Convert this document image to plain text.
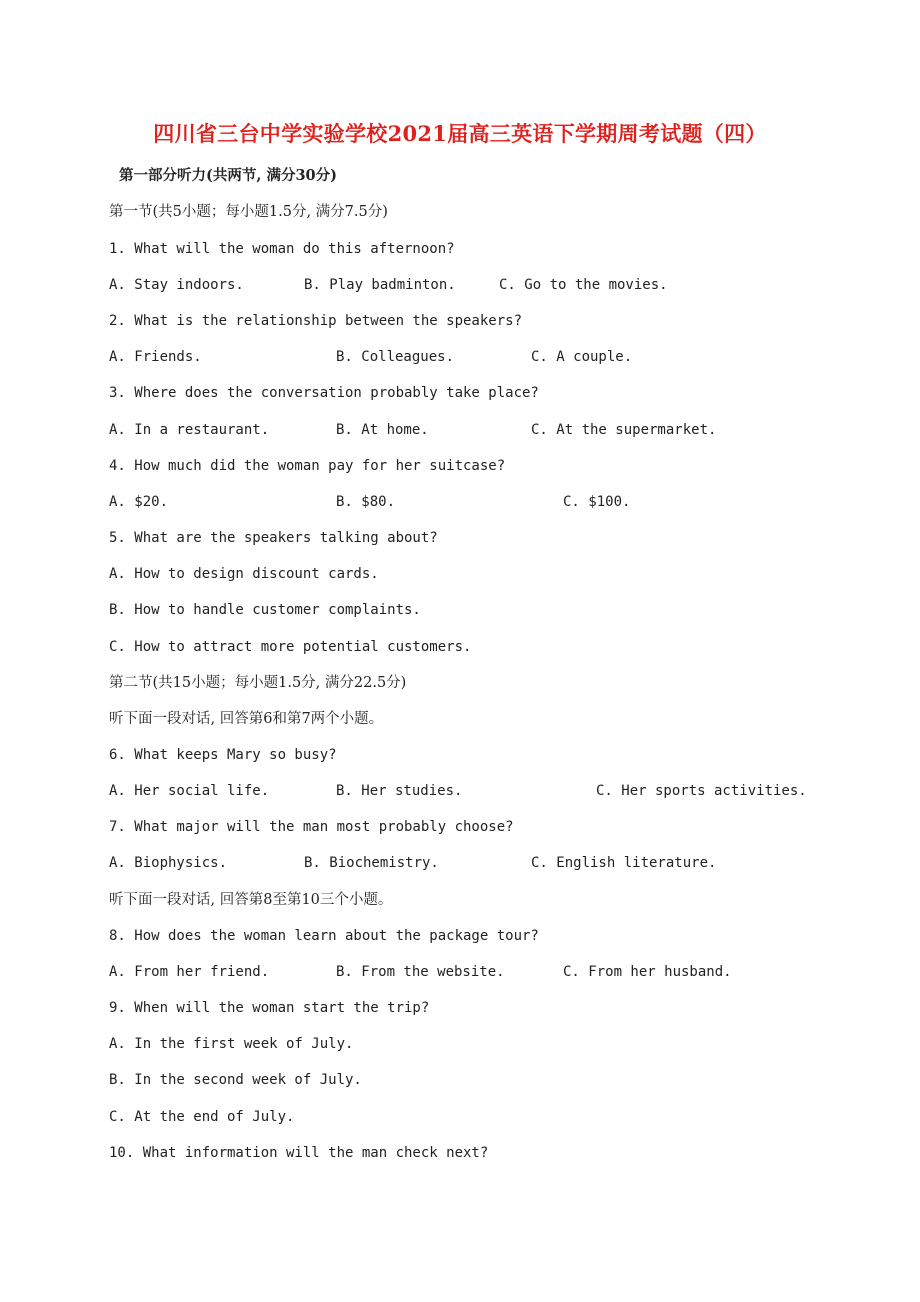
四川省三台中学实验学校2021届高三英语下学期周考试题（四）
第一部分听力(共两节, 满分30分)
第一节(共5小题；每小题1.5分, 满分7.5分)
1. What will the woman do this afternoon?
A. Stay indoors.	B. Play badminton.	C. Go to the movies.
2. What is the relationship between the speakers?
A. Friends.	B. Colleagues.	C. A couple.
3. Where does the conversation probably take place?
A. In a restaurant.	B. At home.	C. At the supermarket.
4. How much did the woman pay for her suitcase?
A. $20.	B. $80.	C. $100.
5. What are the speakers talking about?
A. How to design discount cards.
B. How to handle customer complaints.
C. How to attract more potential customers.
第二节(共15小题；每小题1.5分, 满分22.5分)
听下面一段对话, 回答第6和第7两个小题。
6. What keeps Mary so busy?
A. Her social life.	B. Her studies.	C. Her sports activities.
7. What major will the man most probably choose?
A. Biophysics.	B. Biochemistry.	C. English literature.
听下面一段对话, 回答第8至第10三个小题。
8. How does the woman learn about the package tour?
A. From her friend.	B. From the website.	C. From her husband.
9. When will the woman start the trip?
A. In the first week of July.
B. In the second week of July.
C. At the end of July.
10. What information will the man check next?
